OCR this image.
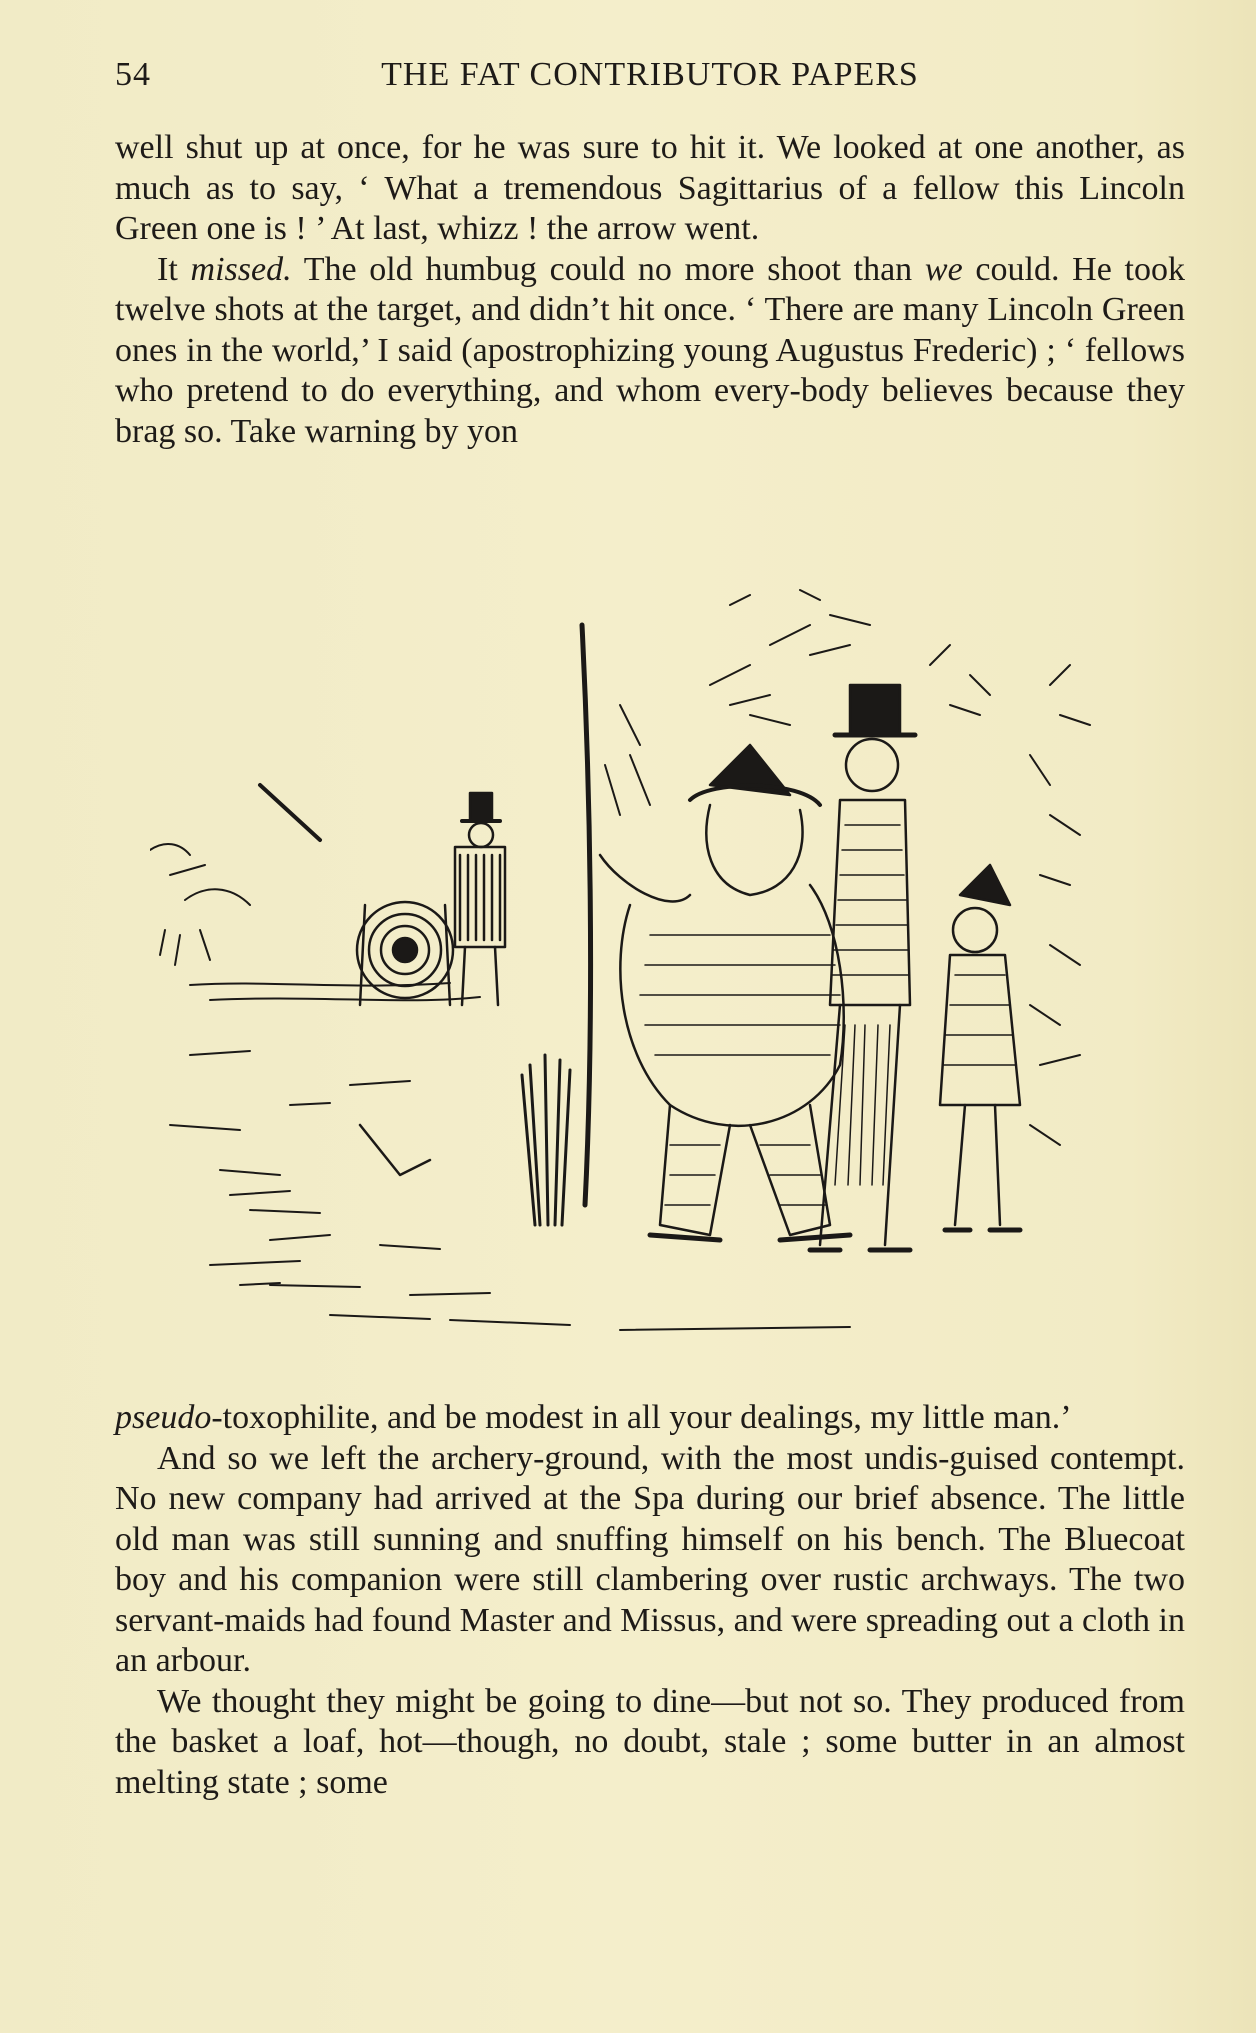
54	THE FAT CONTRIBUTOR PAPERS

well shut up at once, for he was sure to hit it. We looked at one another, as much as to say, ‘ What a tremendous Sagittarius of a fellow this Lincoln Green one is ! ’ At last, whizz ! the arrow went.

It missed. The old humbug could no more shoot than we could. He took twelve shots at the target, and didn’t hit once. ‘ There are many Lincoln Green ones in the world,’ I said (apostrophizing young Augustus Frederic) ; ‘ fellows who pretend to do everything, and whom every-body believes because they brag so. Take warning by yon

pseudo-toxophilite, and be modest in all your dealings, my little man.’

And so we left the archery-ground, with the most undis-guised contempt. No new company had arrived at the Spa during our brief absence. The little old man was still sunning and snuffing himself on his bench. The Bluecoat boy and his companion were still clambering over rustic archways. The two servant-maids had found Master and Missus, and were spreading out a cloth in an arbour.

We thought they might be going to dine—but not so. They produced from the basket a loaf, hot—though, no doubt, stale ; some butter in an almost melting state ; some
